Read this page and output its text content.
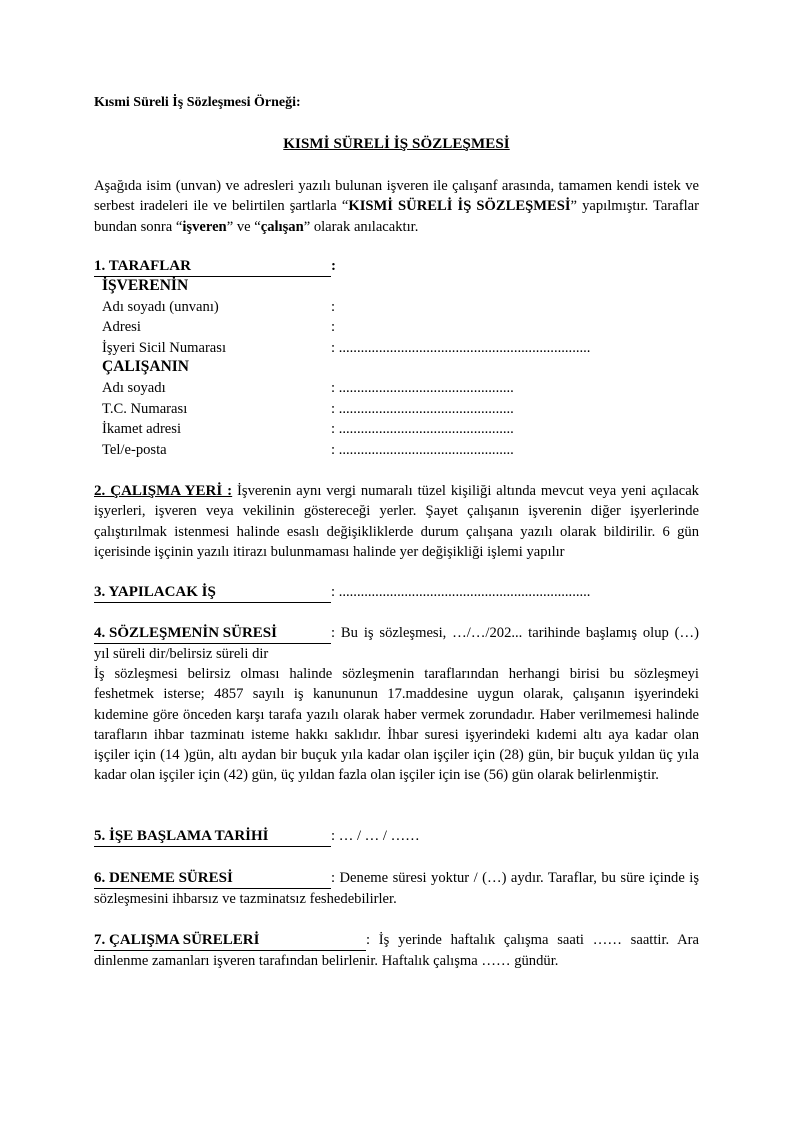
Kısmi Süreli İş Sözleşmesi Örneği:
KISMİ SÜRELİ İŞ SÖZLEŞMESİ
Aşağıda isim (unvan) ve adresleri yazılı bulunan işveren ile çalışanf arasında, tamamen kendi istek ve serbest iradeleri ile ve belirtilen şartlarla “KISMİ SÜRELİ İŞ SÖZLEŞMESİ” yapılmıştır. Taraflar bundan sonra “işveren” ve “çalışan” olarak anılacaktır.
1. TARAFLAR	:
İŞVERENİN
Adı soyadı (unvanı)	:
Adresi	:
İşyeri Sicil Numarası	: .....................................................................
ÇALIŞANIN
Adı soyadı	: ................................................
T.C. Numarası	: ................................................
İkamet adresi	: ................................................
Tel/e-posta	: ................................................
2. ÇALIŞMA YERİ : İşverenin aynı vergi numaralı tüzel kişiliği altında mevcut veya yeni açılacak işyerleri, işveren veya vekilinin göstereceği yerler. Şayet çalışanın işverenin diğer işyerlerinde çalıştırılmak istenmesi halinde esaslı değişikliklerde durum çalışana yazılı olarak bildirilir. 6 gün içerisinde işçinin yazılı itirazı bulunmaması halinde yer değişikliği işlemi yapılır
3. YAPILACAK İŞ	: .....................................................................
4. SÖZLEŞMENİN SÜRESİ	: Bu iş sözleşmesi, …/…/202... tarihinde başlamış olup (…) yıl süreli dir/belirsiz süreli dir
İş sözleşmesi belirsiz olması halinde sözleşmenin taraflarından herhangi birisi bu sözleşmeyi feshetmek isterse; 4857 sayılı iş kanununun 17.maddesine uygun olarak, çalışanın işyerindeki kıdemine göre önceden karşı tarafa yazılı olarak haber vermek zorundadır. Haber verilmemesi halinde tarafların ihbar tazminatı isteme hakkı saklıdır. İhbar suresi işyerindeki kıdemi altı aya kadar olan işçiler için (14 )gün, altı aydan bir buçuk yıla kadar olan işçiler için (28) gün, bir buçuk yıldan üç yıla kadar olan işçiler için (42) gün, üç yıldan fazla olan işçiler için ise (56) gün olarak belirlenmiştir.
5. İŞE BAŞLAMA TARİHİ	: … / … / ……
6. DENEME SÜRESİ	: Deneme süresi yoktur / (…) aydır. Taraflar, bu süre içinde iş sözleşmesini ihbarsız ve tazminatsız feshedebilirler.
7. ÇALIŞMA SÜRELERİ	: İş yerinde haftalık çalışma saati …… saattir. Ara dinlenme zamanları işveren tarafından belirlenir. Haftalık çalışma …… gündür.
